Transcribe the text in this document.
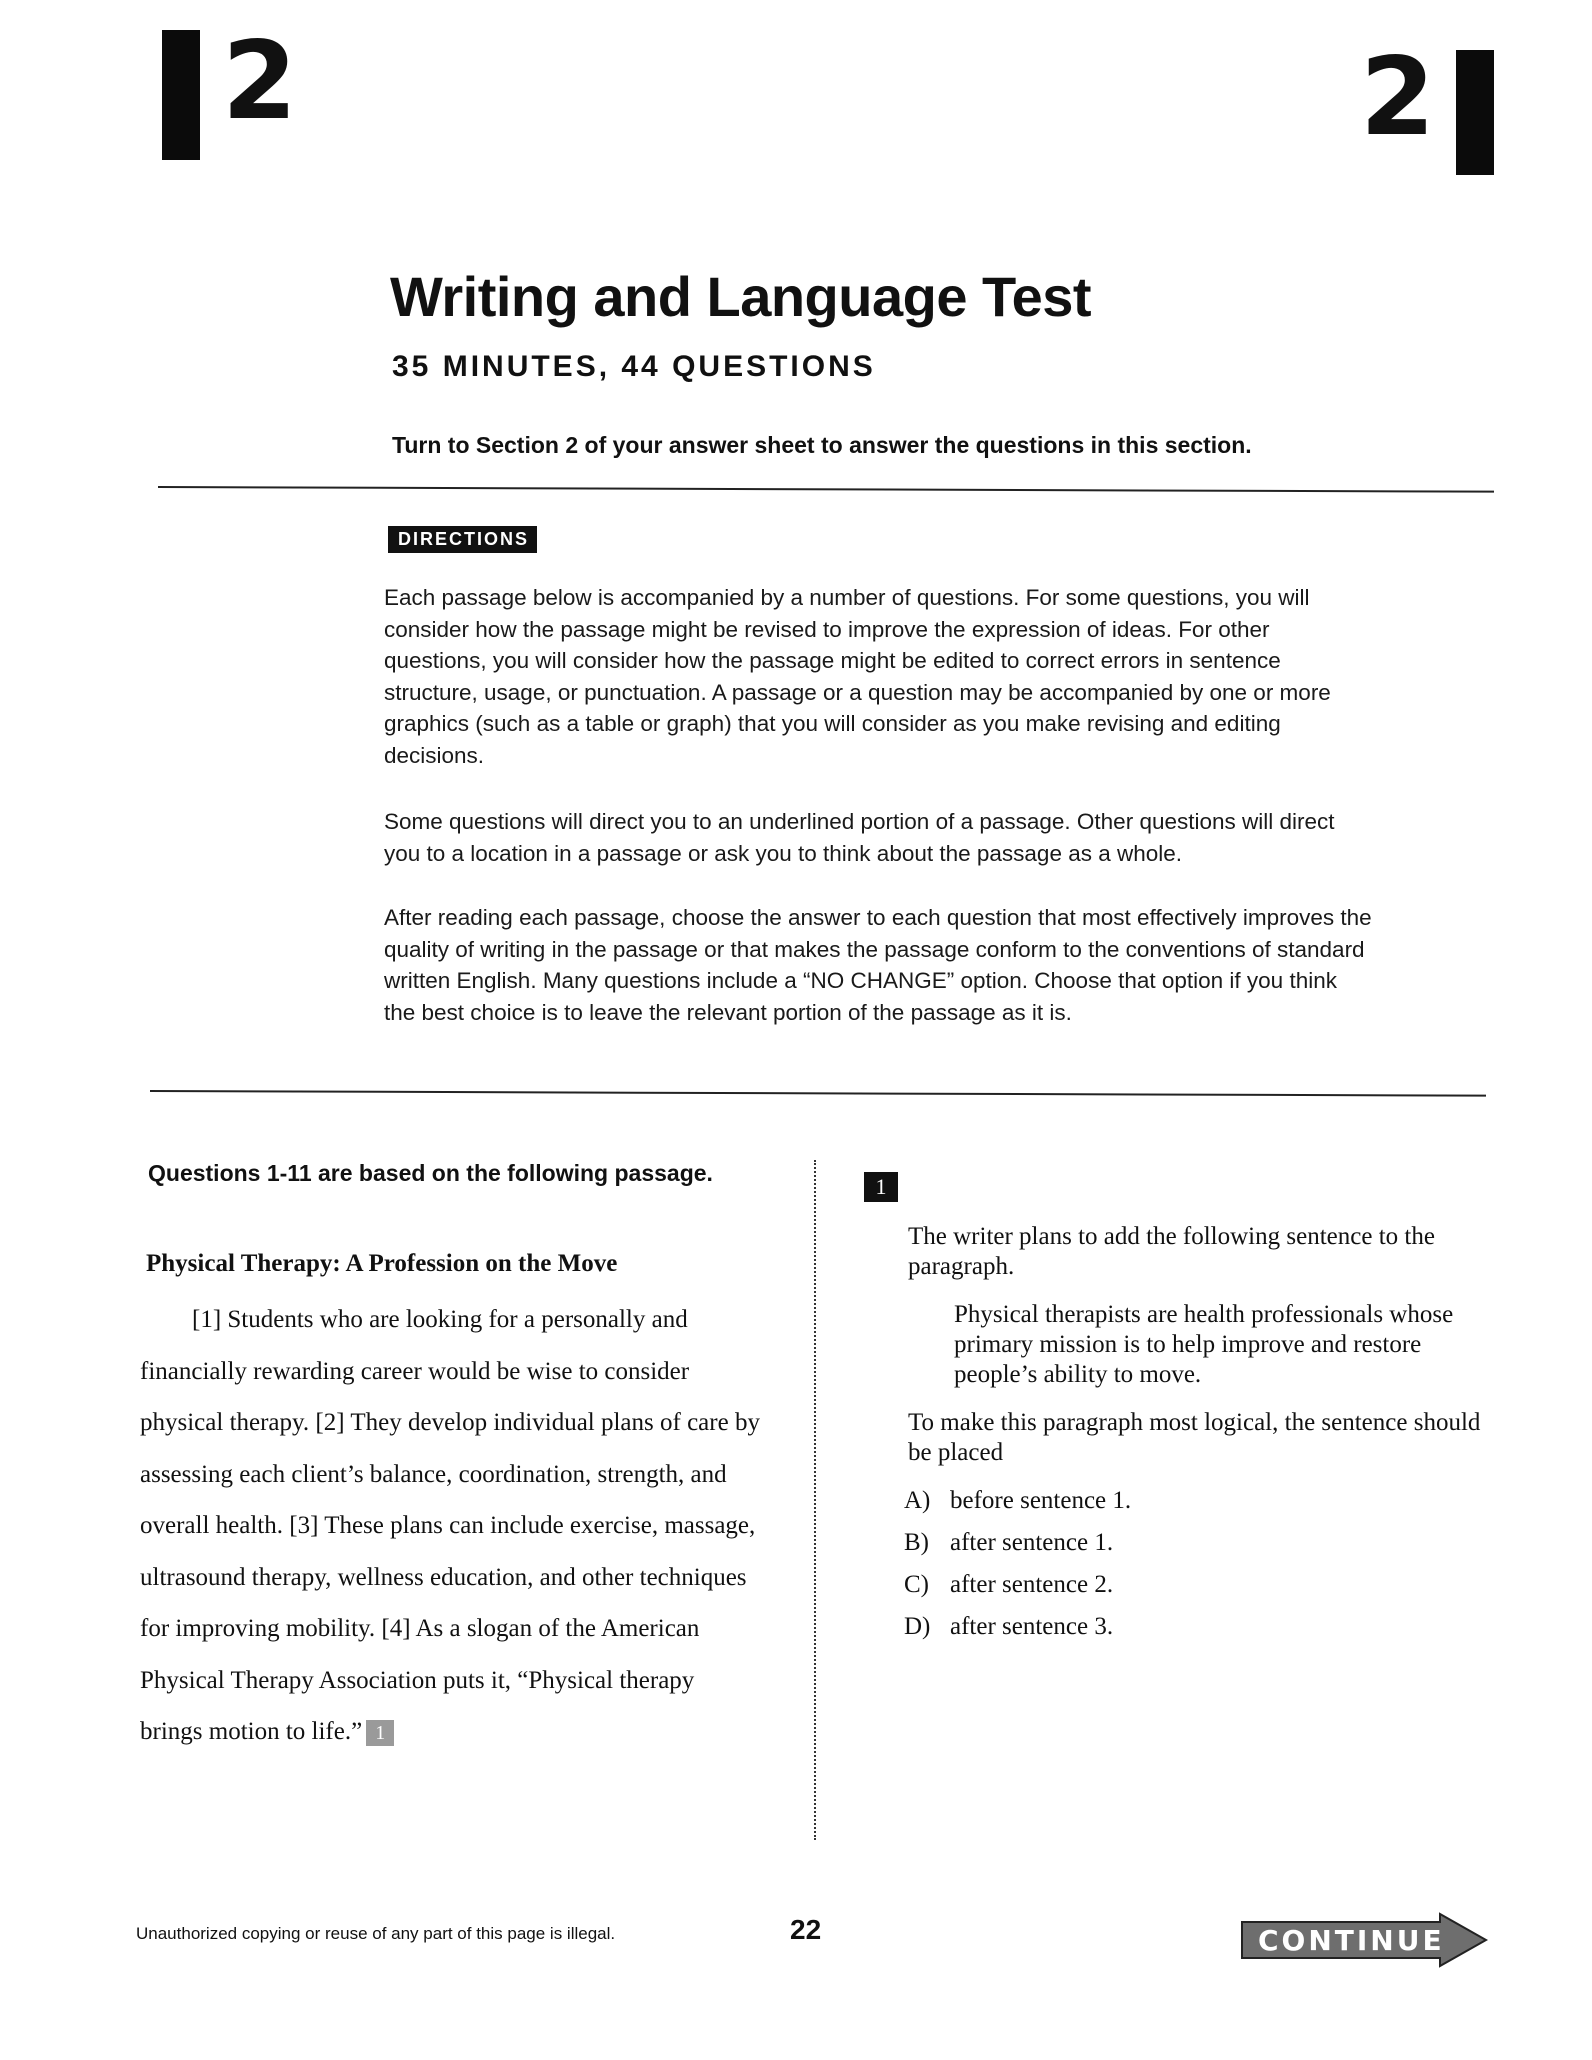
2	2
Writing and Language Test
35 MINUTES, 44 QUESTIONS
Turn to Section 2 of your answer sheet to answer the questions in this section.
DIRECTIONS
Each passage below is accompanied by a number of questions. For some questions, you will consider how the passage might be revised to improve the expression of ideas. For other questions, you will consider how the passage might be edited to correct errors in sentence structure, usage, or punctuation. A passage or a question may be accompanied by one or more graphics (such as a table or graph) that you will consider as you make revising and editing decisions.
Some questions will direct you to an underlined portion of a passage. Other questions will direct you to a location in a passage or ask you to think about the passage as a whole.
After reading each passage, choose the answer to each question that most effectively improves the quality of writing in the passage or that makes the passage conform to the conventions of standard written English. Many questions include a “NO CHANGE” option. Choose that option if you think the best choice is to leave the relevant portion of the passage as it is.
Questions 1-11 are based on the following passage.
Physical Therapy: A Profession on the Move
[1] Students who are looking for a personally and financially rewarding career would be wise to consider physical therapy. [2] They develop individual plans of care by assessing each client’s balance, coordination, strength, and overall health. [3] These plans can include exercise, massage, ultrasound therapy, wellness education, and other techniques for improving mobility. [4] As a slogan of the American Physical Therapy Association puts it, “Physical therapy brings motion to life.” 1
1
The writer plans to add the following sentence to the paragraph.
Physical therapists are health professionals whose primary mission is to help improve and restore people’s ability to move.
To make this paragraph most logical, the sentence should be placed
A) before sentence 1.
B) after sentence 1.
C) after sentence 2.
D) after sentence 3.
Unauthorized copying or reuse of any part of this page is illegal.	22	CONTINUE
